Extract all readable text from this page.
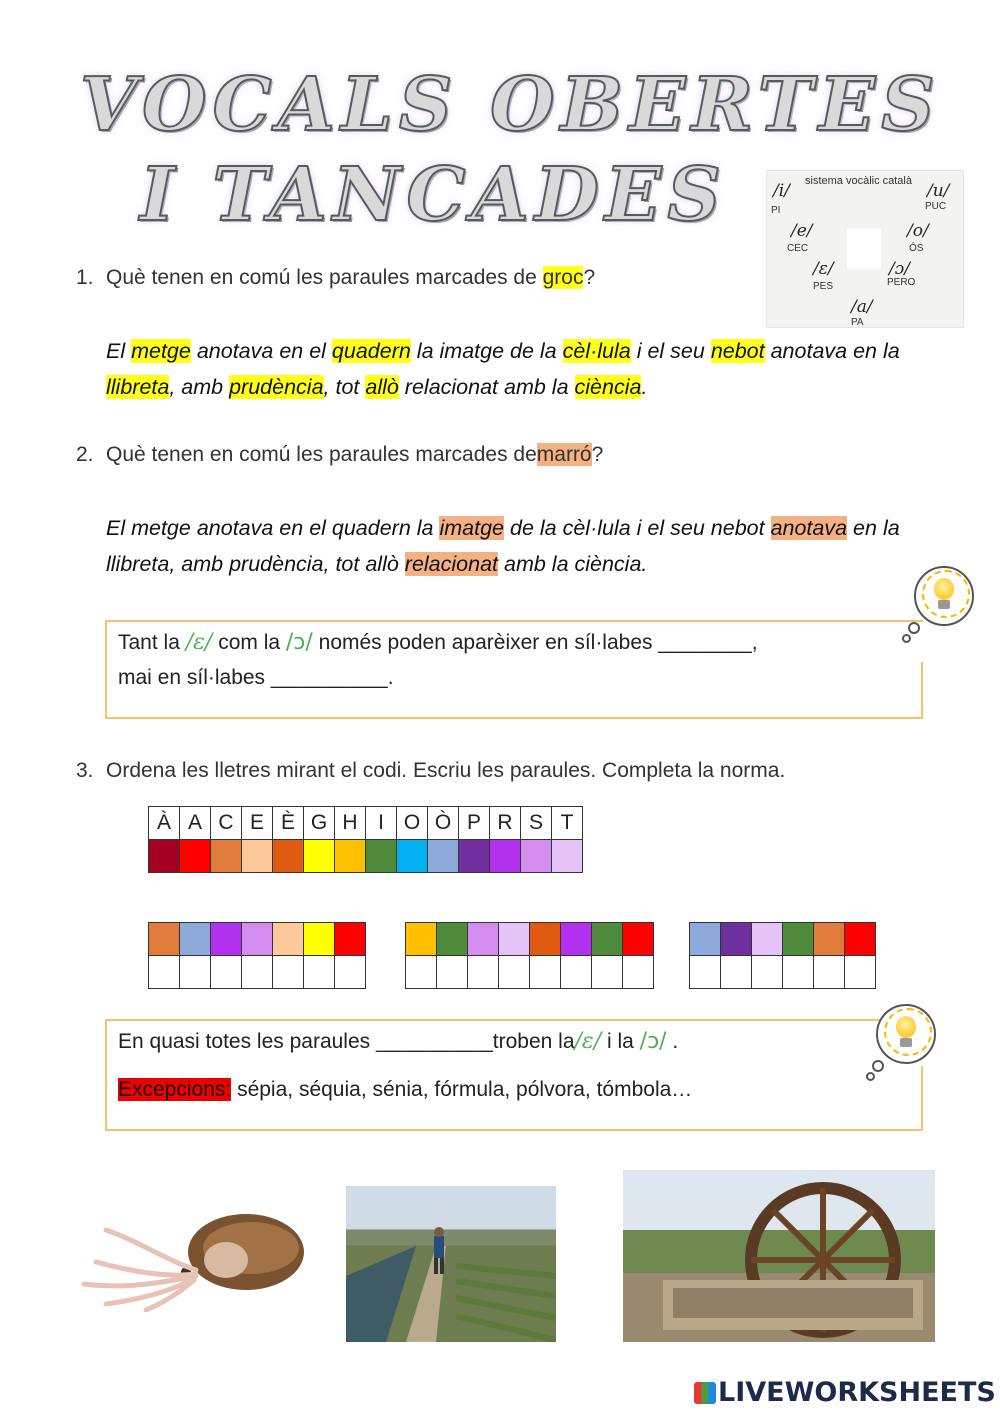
VOCALS OBERTES
I TANCADES	sistema vocàlic català
/i/
PI
/u/
PUC
/e/
CEC
/o/
ÓS
/ɛ/
PES
/ɔ/
PERO
/a/
PA
1. Què tenen en comú les paraules marcades de groc?
El metge anotava en el quadern la imatge de la cèl·lula i el seu nebot anotava en la llibreta, amb prudència, tot allò relacionat amb la ciència.
2. Què tenen en comú les paraules marcades demarró?
El metge anotava en el quadern la imatge de la cèl·lula i el seu nebot anotava en la llibreta, amb prudència, tot allò relacionat amb la ciència.
Tant la /ɛ/ com la /ɔ/ només poden aparèixer en síl·labes ________,
mai en síl·labes __________.
3. Ordena les lletres mirant el codi. Escriu les paraules. Completa la norma.
À	A	C	E	È	G	H	I	O	Ò	P	R	S	T

En quasi totes les paraules __________troben la/ɛ/ i la /ɔ/ .
Excepcions: sépia, séquia, sénia, fórmula, pólvora, tómbola…
LIVEWORKSHEETS
